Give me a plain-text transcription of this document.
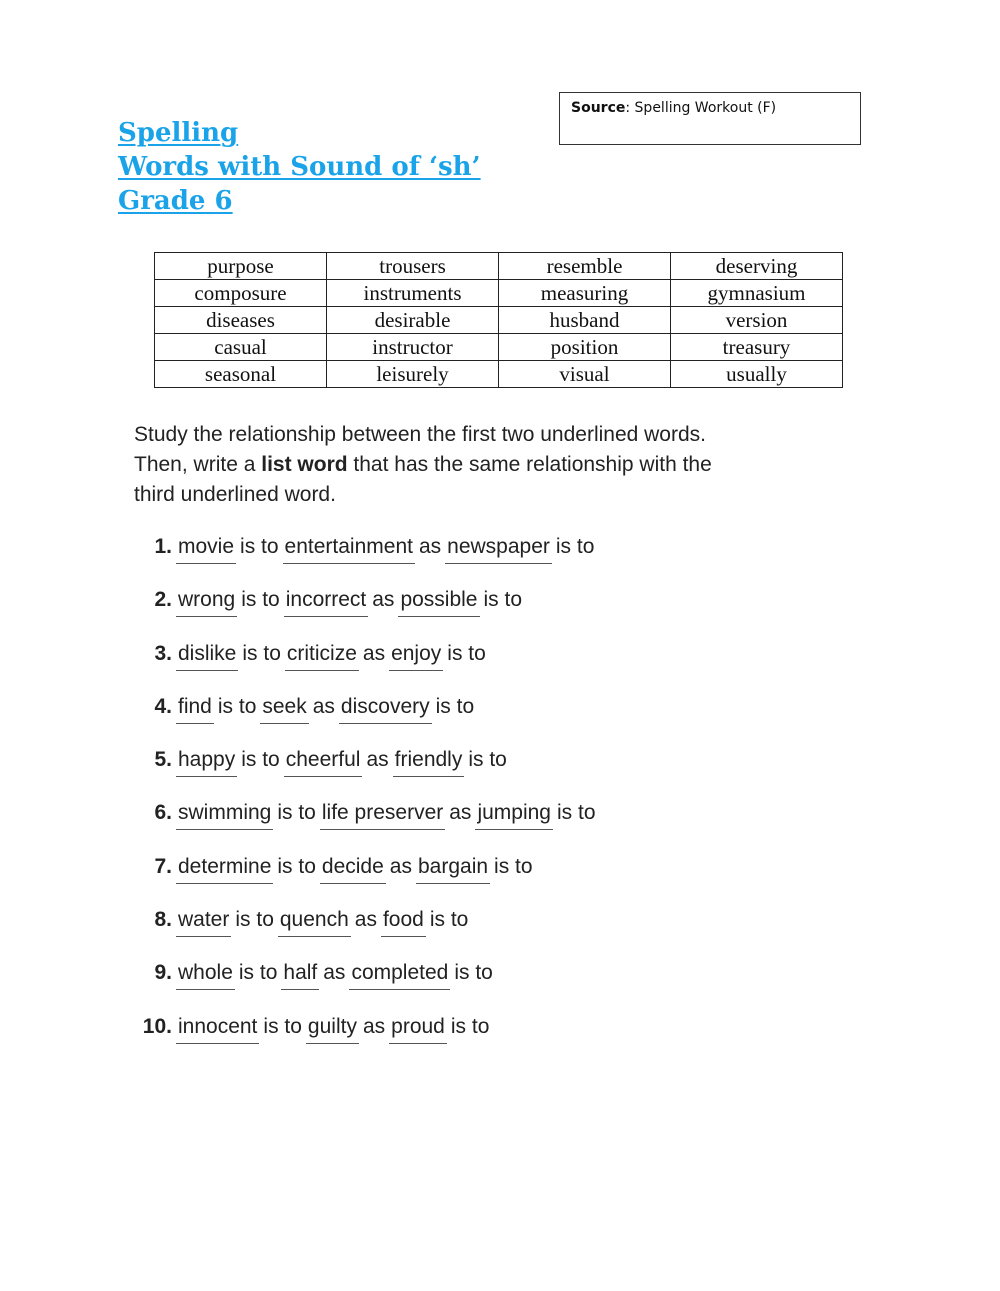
Source: Spelling Workout (F)
Spelling
Words with Sound of ‘sh’
Grade 6
purpose	trousers	resemble	deserving
composure	instruments	measuring	gymnasium
diseases	desirable	husband	version
casual	instructor	position	treasury
seasonal	leisurely	visual	usually
Study the relationship between the first two underlined words.
Then, write a list word that has the same relationship with the
third underlined word.
1. movie is to entertainment as newspaper is to
2. wrong is to incorrect as possible is to
3. dislike is to criticize as enjoy is to
4. find is to seek as discovery is to
5. happy is to cheerful as friendly is to
6. swimming is to life preserver as jumping is to
7. determine is to decide as bargain is to
8. water is to quench as food is to
9. whole is to half as completed is to
10. innocent is to guilty as proud is to
